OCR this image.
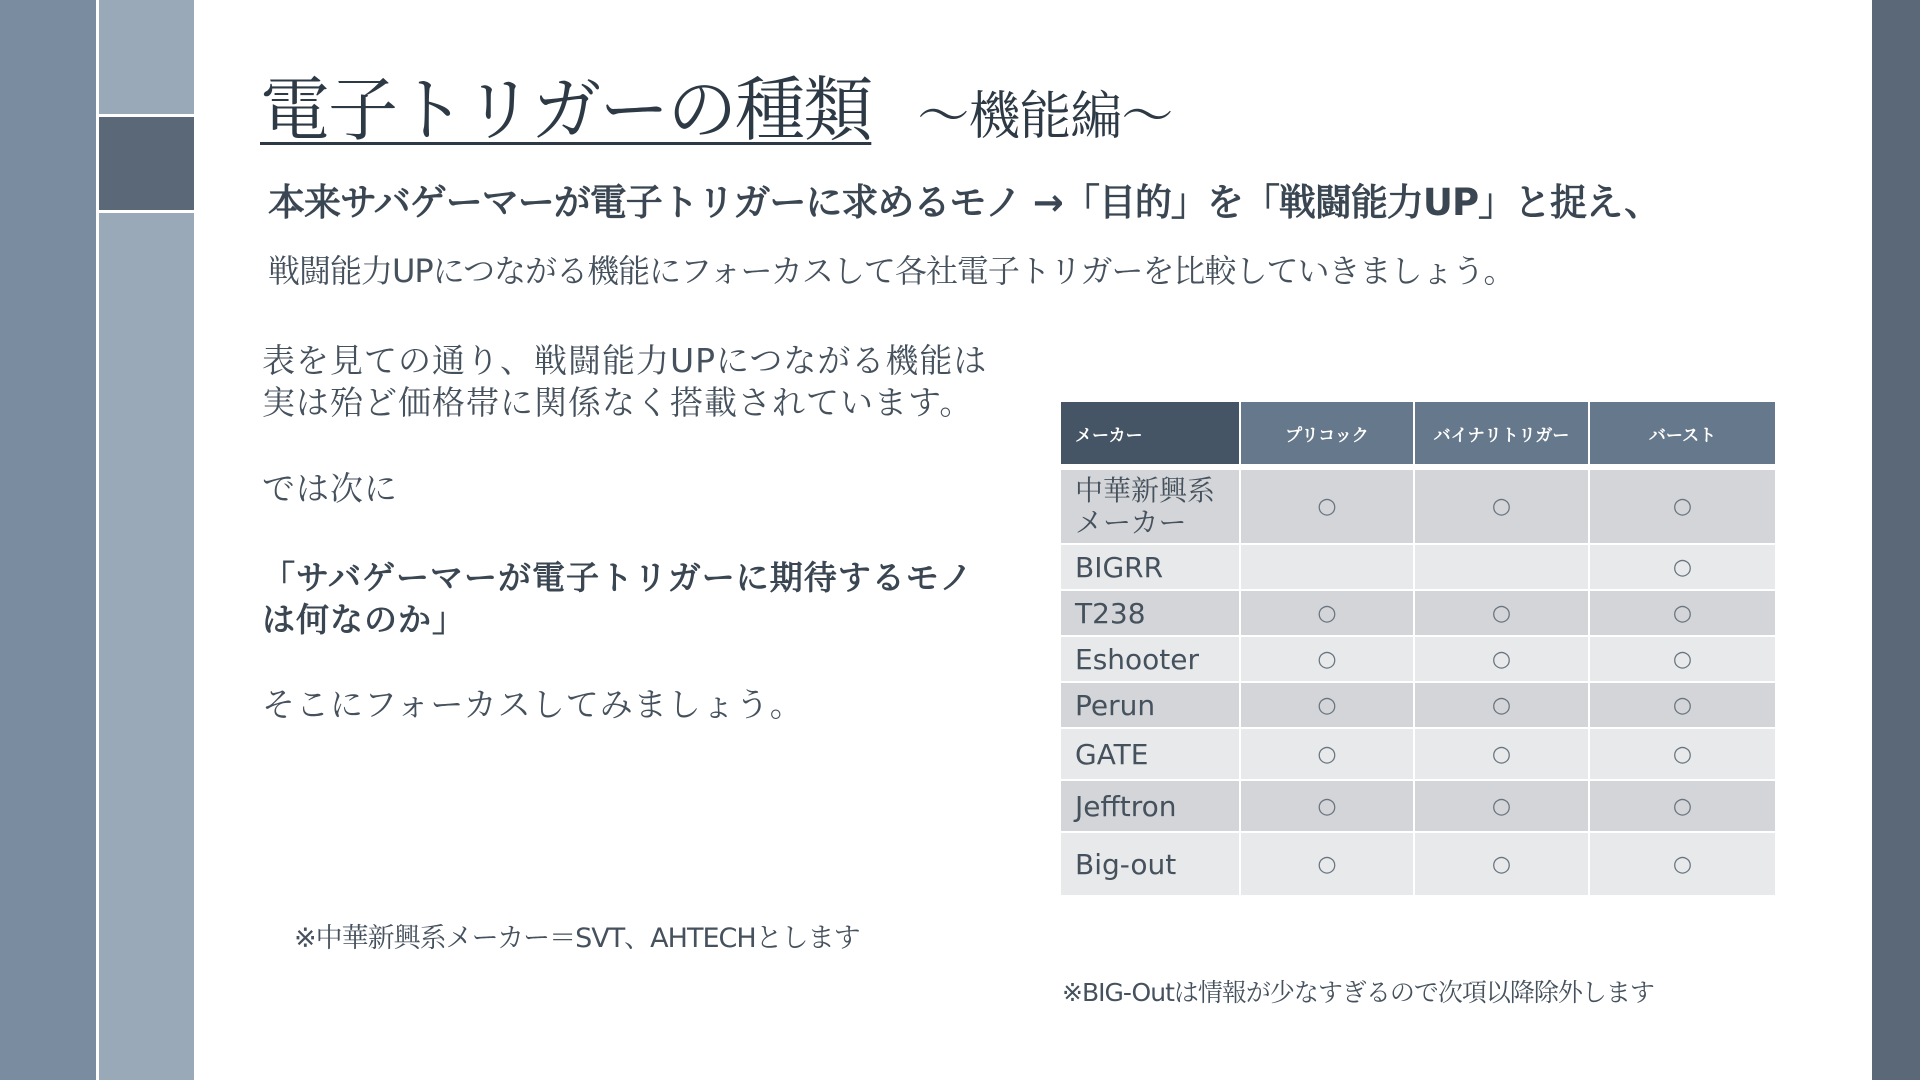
電子トリガーの種類 ～機能編～
本来サバゲーマーが電子トリガーに求めるモノ →「目的」を「戦闘能力UP」と捉え、
戦闘能力UPにつながる機能にフォーカスして各社電子トリガーを比較していきましょう。
表を見ての通り、戦闘能力UPにつながる機能は
実は殆ど価格帯に関係なく搭載されています。
では次に
「サバゲーマーが電子トリガーに期待するモノ
は何なのか」
そこにフォーカスしてみましょう。
※中華新興系メーカー＝SVT、AHTECHとします
※BIG-Outは情報が少なすぎるので次項以降除外します
メーカー	プリコック	バイナリトリガー	バースト
中華新興系
メーカー	○	○	○
BIGRR			○
T238	○	○	○
Eshooter	○	○	○
Perun	○	○	○
GATE	○	○	○
Jefftron	○	○	○
Big-out	○	○	○
